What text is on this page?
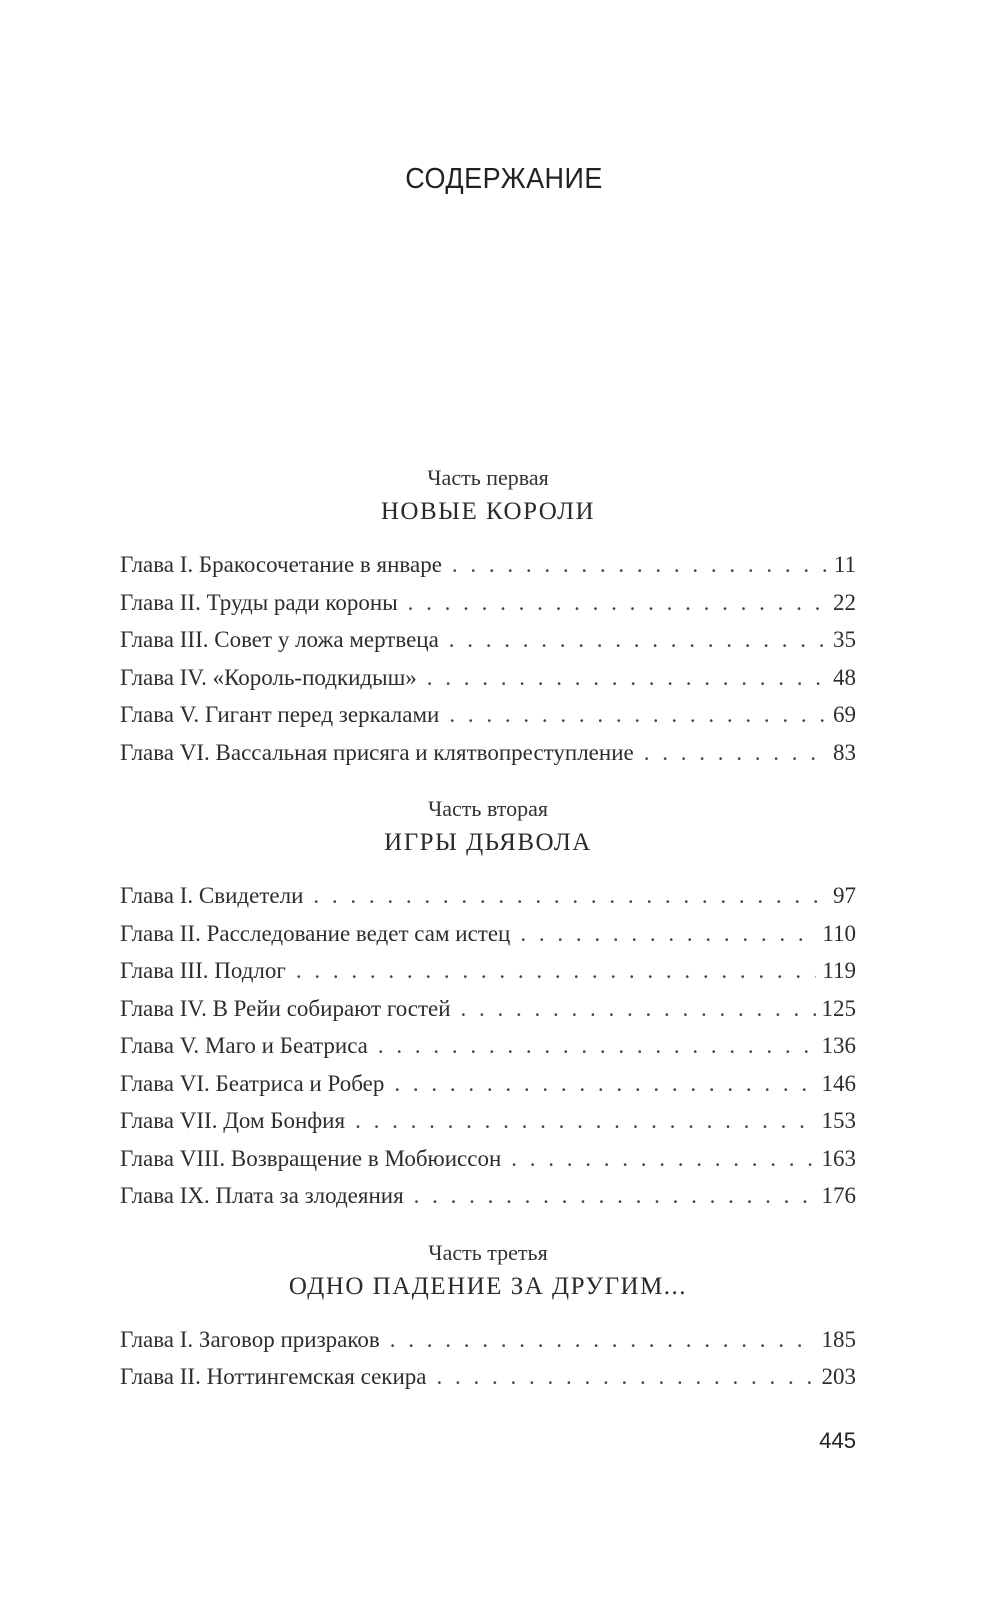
СОДЕРЖАНИЕ
Часть первая
НОВЫЕ КОРОЛИ
Глава I. Бракосочетание в январе . . .	11
Глава II. Труды ради короны . . .	22
Глава III. Совет у ложа мертвеца . . .	35
Глава IV. «Король-подкидыш» . . .	48
Глава V. Гигант перед зеркалами . . .	69
Глава VI. Вассальная присяга и клятвопреступление . . .	83
Часть вторая
ИГРЫ ДЬЯВОЛА
Глава I. Свидетели . . .	97
Глава II. Расследование ведет сам истец . . .	110
Глава III. Подлог . . .	119
Глава IV. В Рейи собирают гостей . . .	125
Глава V. Маго и Беатриса . . .	136
Глава VI. Беатриса и Робер . . .	146
Глава VII. Дом Бонфия . . .	153
Глава VIII. Возвращение в Мобюиссон . . .	163
Глава IX. Плата за злодеяния . . .	176
Часть третья
ОДНО ПАДЕНИЕ ЗА ДРУГИМ...
Глава I. Заговор призраков . . .	185
Глава II. Ноттингемская секира . . .	203
445
